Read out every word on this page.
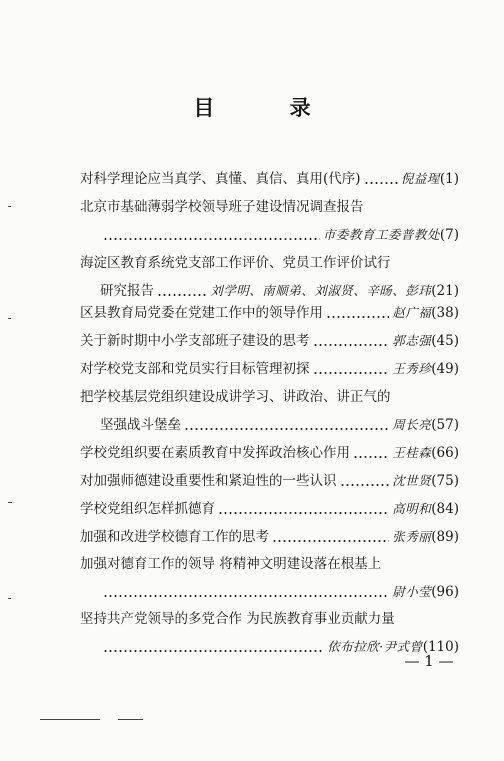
目 录
对科学理论应当真学、真懂、真信、真用(代序)	倪益瑆 (1)
北京市基础薄弱学校领导班子建设情况调查报告
市委教育工委普教处 (7)
海淀区教育系统党支部工作评价、党员工作评价试行
研究报告	刘学明、南顺弟、刘淑贤、辛旸、彭玮 (21)
区县教育局党委在党建工作中的领导作用	赵广福 (38)
关于新时期中小学支部班子建设的思考	郭志强 (45)
对学校党支部和党员实行目标管理初探	王秀珍 (49)
把学校基层党组织建设成讲学习、讲政治、讲正气的
坚强战斗堡垒	周长亮 (57)
学校党组织要在素质教育中发挥政治核心作用	王桂森 (66)
对加强师德建设重要性和紧迫性的一些认识	沈世贤 (75)
学校党组织怎样抓德育	高明和 (84)
加强和改进学校德育工作的思考	张秀丽 (89)
加强对德育工作的领导 将精神文明建设落在根基上
尉小莹 (96)
坚持共产党领导的多党合作 为民族教育事业贡献力量
依布拉欣·尹式曾 (110)
— 1 —
